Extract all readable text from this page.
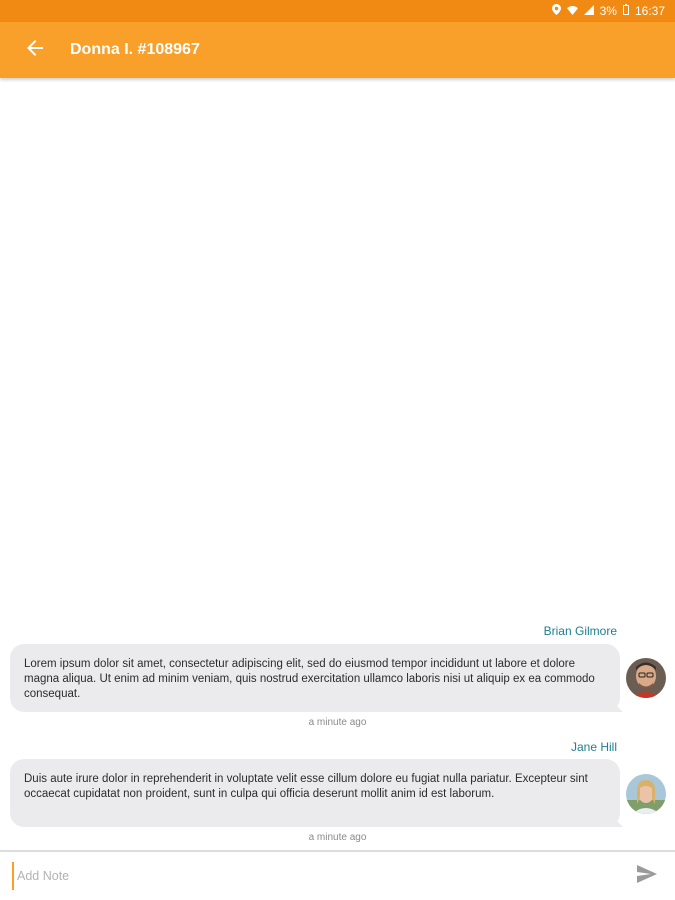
3% 16:37
Donna I. #108967
Brian Gilmore
Lorem ipsum dolor sit amet, consectetur adipiscing elit, sed do eiusmod tempor incididunt ut labore et dolore magna aliqua. Ut enim ad minim veniam, quis nostrud exercitation ullamco laboris nisi ut aliquip ex ea commodo consequat.
a minute ago
Jane Hill
Duis aute irure dolor in reprehenderit in voluptate velit esse cillum dolore eu fugiat nulla pariatur. Excepteur sint occaecat cupidatat non proident, sunt in culpa qui officia deserunt mollit anim id est laborum.
a minute ago
Add Note
